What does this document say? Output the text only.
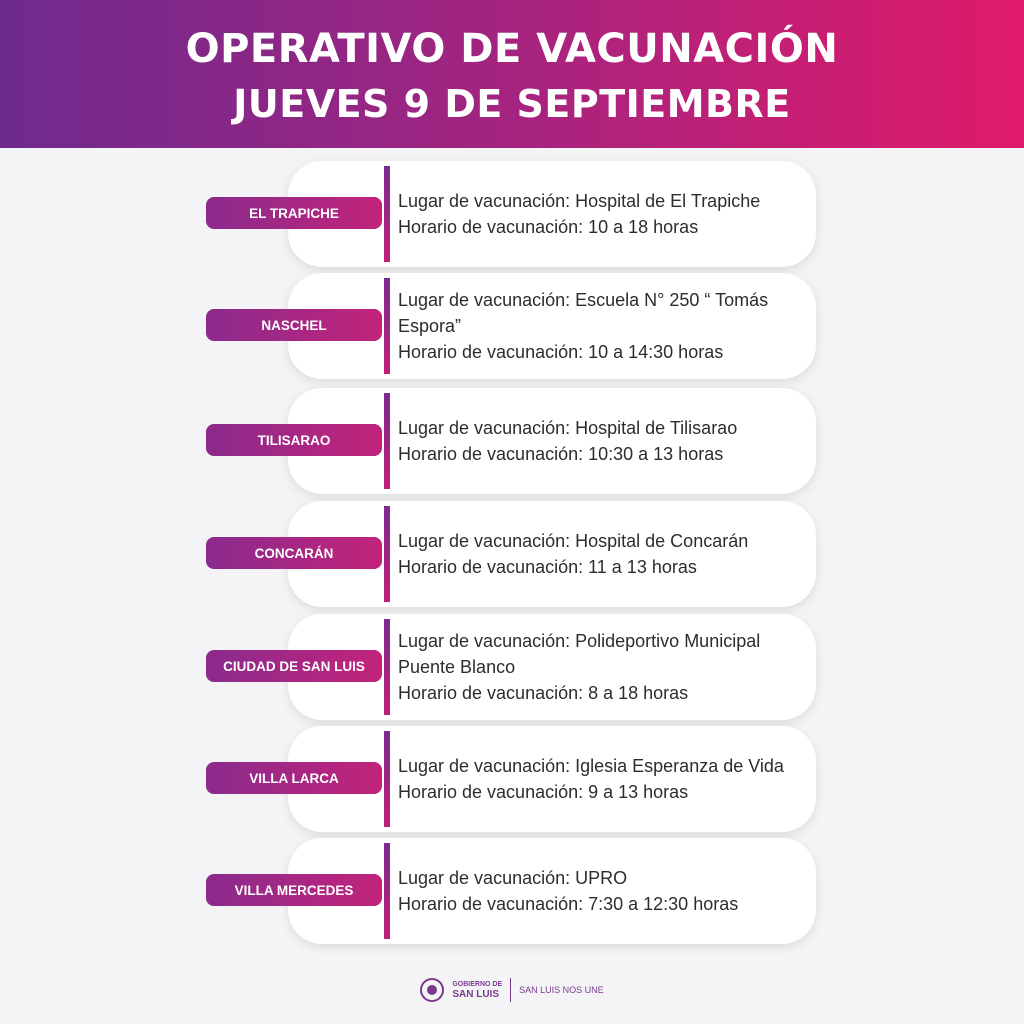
OPERATIVO DE VACUNACIÓN
JUEVES 9 DE SEPTIEMBRE
EL TRAPICHE
Lugar de vacunación: Hospital de El Trapiche
Horario de vacunación: 10 a 18 horas
NASCHEL
Lugar de vacunación: Escuela N° 250 “ Tomás Espora”
Horario de vacunación: 10 a 14:30 horas
TILISARAO
Lugar de vacunación: Hospital de Tilisarao
Horario de vacunación: 10:30 a 13 horas
CONCARÁN
Lugar de vacunación: Hospital de Concarán
Horario de vacunación: 11 a 13 horas
CIUDAD DE SAN LUIS
Lugar de vacunación: Polideportivo Municipal Puente Blanco
Horario de vacunación: 8 a 18 horas
VILLA LARCA
Lugar de vacunación: Iglesia Esperanza de Vida
Horario de vacunación: 9 a 13 horas
VILLA MERCEDES
Lugar de vacunación: UPRO
Horario de vacunación: 7:30 a 12:30 horas
GOBIERNO DE
SAN LUIS	SAN LUIS NOS UNE
